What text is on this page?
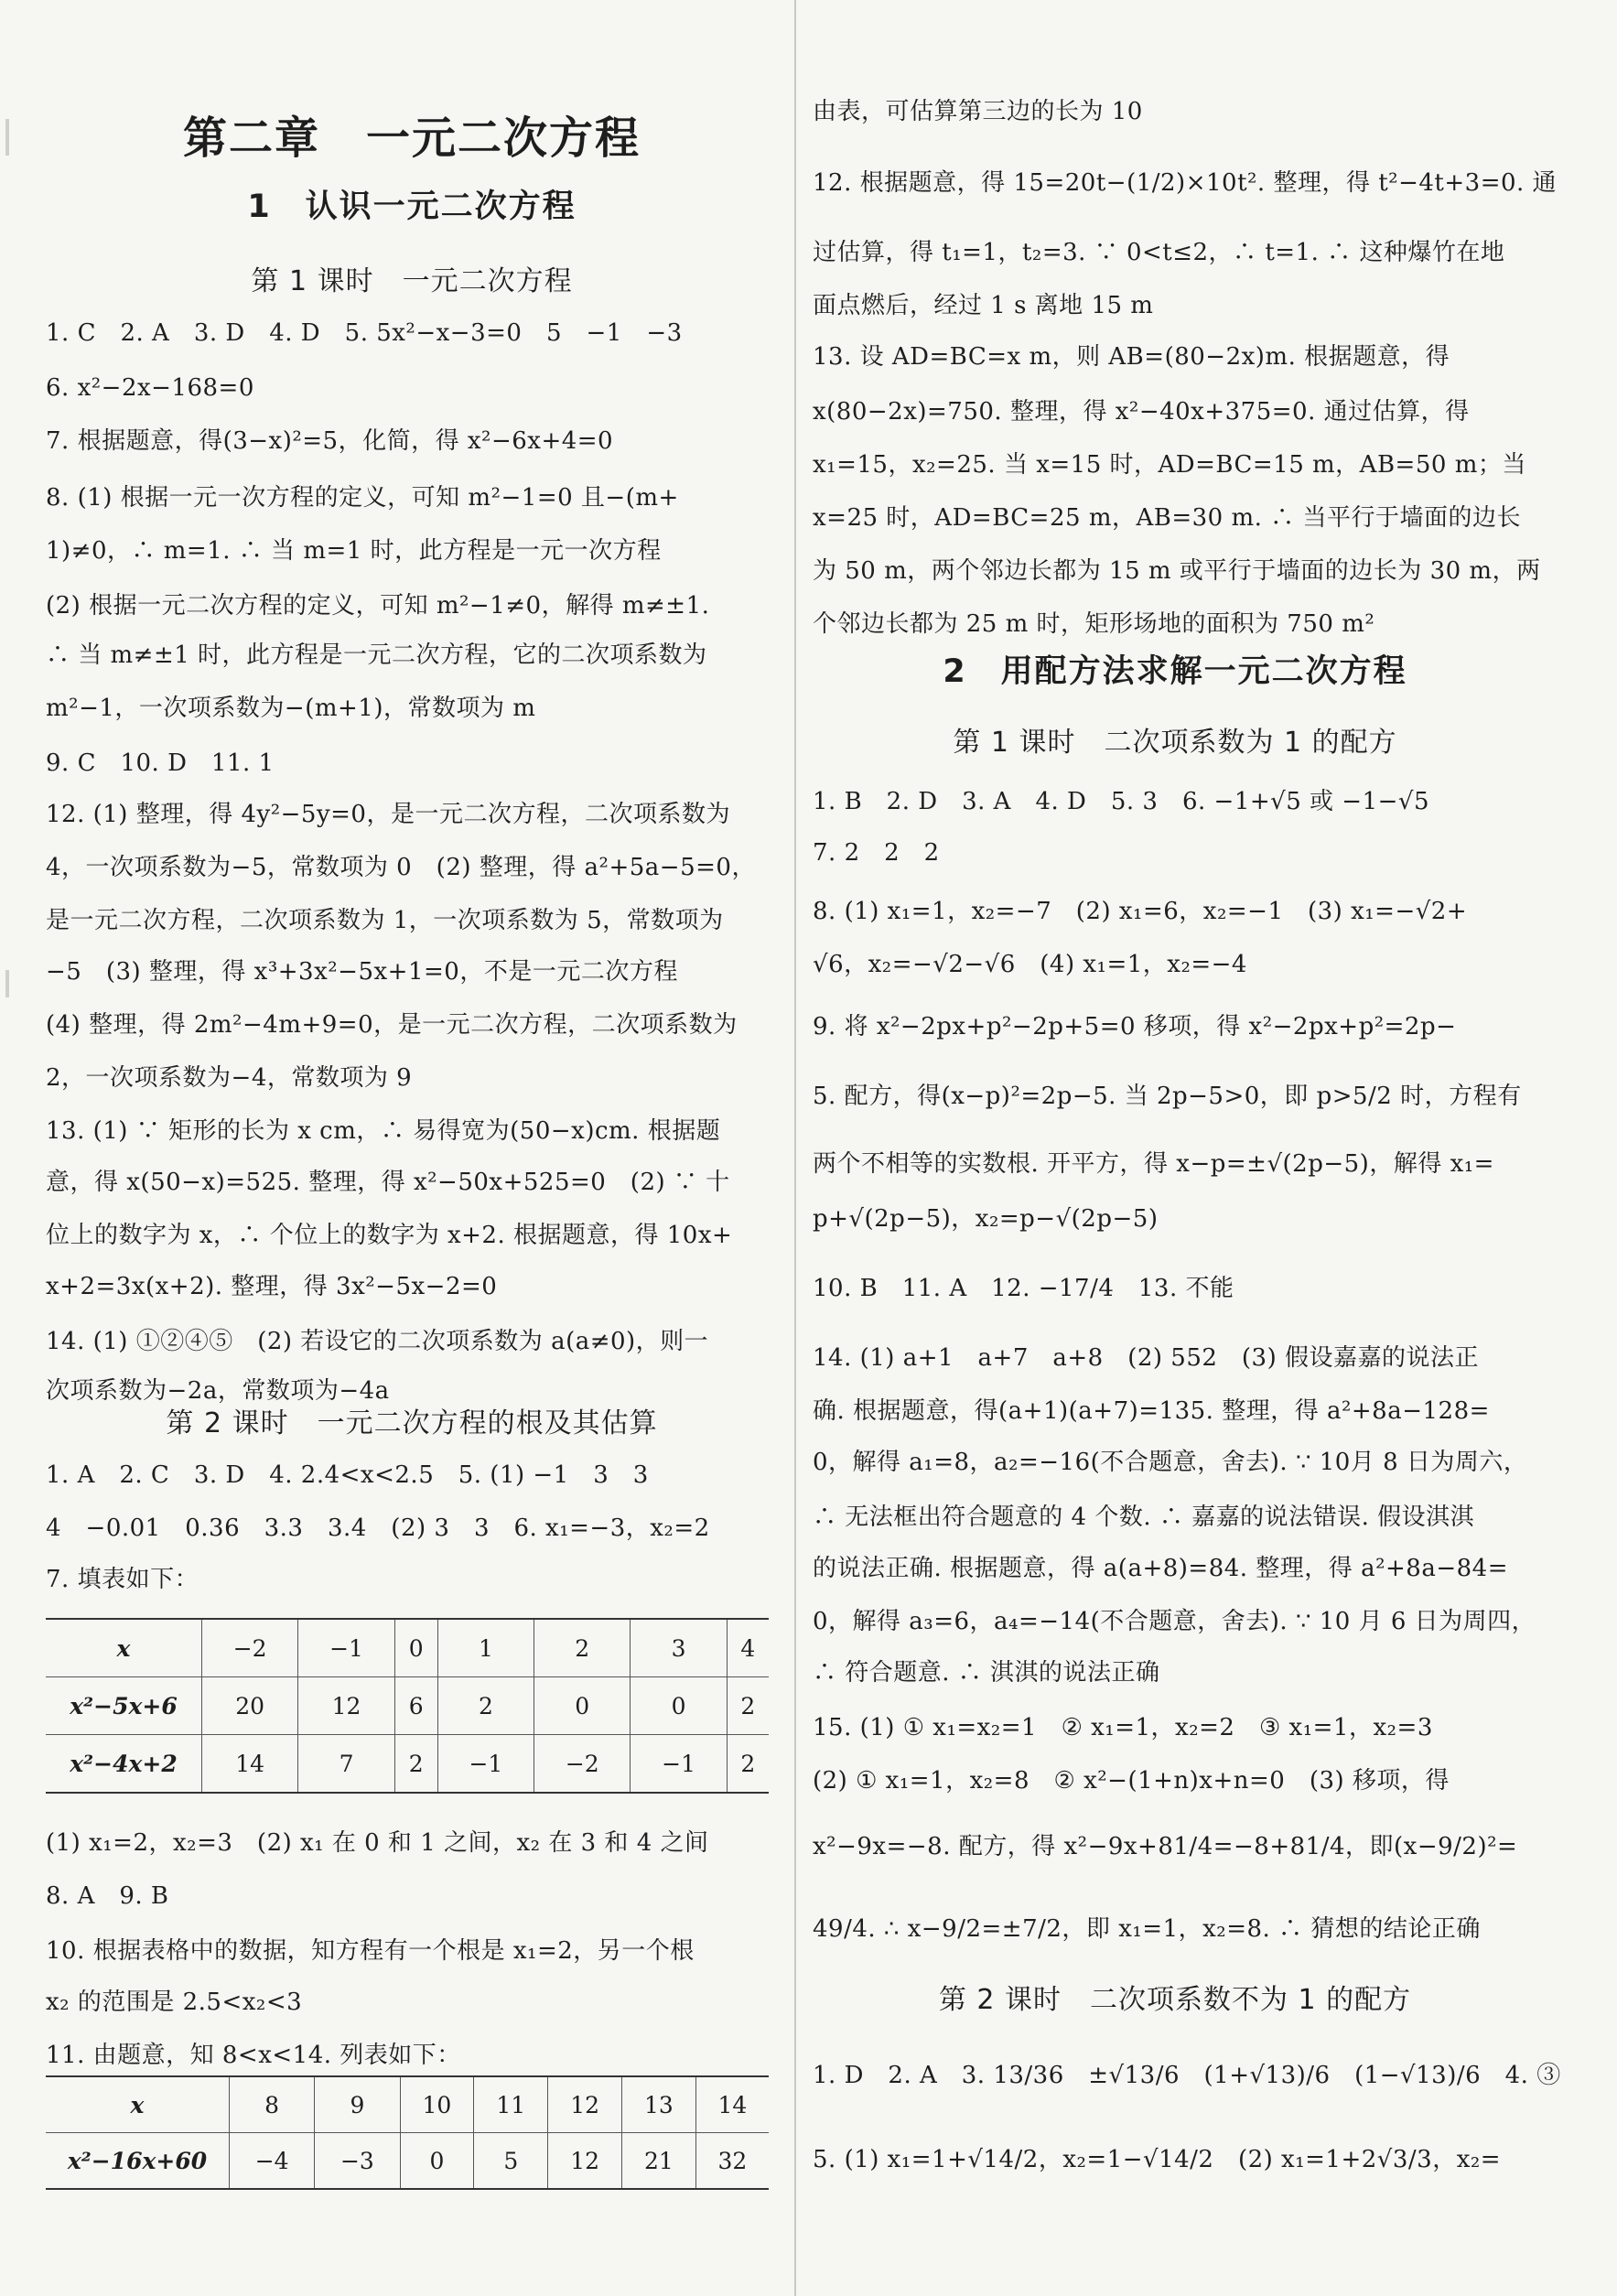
第二章　一元二次方程
1　认识一元二次方程
第 1 课时　一元二次方程
1. C　2. A　3. D　4. D　5. 5x²−x−3=0　5　−1　−3
6. x²−2x−168=0
7. 根据题意，得(3−x)²=5，化简，得 x²−6x+4=0
8. (1) 根据一元一次方程的定义，可知 m²−1=0 且−(m+
1)≠0，∴ m=1. ∴ 当 m=1 时，此方程是一元一次方程
(2) 根据一元二次方程的定义，可知 m²−1≠0，解得 m≠±1.
∴ 当 m≠±1 时，此方程是一元二次方程，它的二次项系数为
m²−1，一次项系数为−(m+1)，常数项为 m
9. C　10. D　11. 1
12. (1) 整理，得 4y²−5y=0，是一元二次方程，二次项系数为
4，一次项系数为−5，常数项为 0　(2) 整理，得 a²+5a−5=0，
是一元二次方程，二次项系数为 1，一次项系数为 5，常数项为
−5　(3) 整理，得 x³+3x²−5x+1=0，不是一元二次方程
(4) 整理，得 2m²−4m+9=0，是一元二次方程，二次项系数为
2，一次项系数为−4，常数项为 9
13. (1) ∵ 矩形的长为 x cm，∴ 易得宽为(50−x)cm. 根据题
意，得 x(50−x)=525. 整理，得 x²−50x+525=0　(2) ∵ 十
位上的数字为 x，∴ 个位上的数字为 x+2. 根据题意，得 10x+
x+2=3x(x+2). 整理，得 3x²−5x−2=0
14. (1) ①②④⑤　(2) 若设它的二次项系数为 a(a≠0)，则一
次项系数为−2a，常数项为−4a
第 2 课时　一元二次方程的根及其估算
1. A　2. C　3. D　4. 2.4<x<2.5　5. (1) −1　3　3
4　−0.01　0.36　3.3　3.4　(2) 3　3　6. x₁=−3，x₂=2
7. 填表如下：
x	−2	−1	0	1	2	3	4
x²−5x+6	20	12	6	2	0	0	2
x²−4x+2	14	7	2	−1	−2	−1	2
(1) x₁=2，x₂=3　(2) x₁ 在 0 和 1 之间，x₂ 在 3 和 4 之间
8. A　9. B
10. 根据表格中的数据，知方程有一个根是 x₁=2，另一个根
x₂ 的范围是 2.5<x₂<3
11. 由题意，知 8<x<14. 列表如下：
x	8	9	10	11	12	13	14
x²−16x+60	−4	−3	0	5	12	21	32
由表，可估算第三边的长为 10
12. 根据题意，得 15=20t−(1/2)×10t². 整理，得 t²−4t+3=0. 通
过估算，得 t₁=1，t₂=3. ∵ 0<t≤2，∴ t=1. ∴ 这种爆竹在地
面点燃后，经过 1 s 离地 15 m
13. 设 AD=BC=x m，则 AB=(80−2x)m. 根据题意，得
x(80−2x)=750. 整理，得 x²−40x+375=0. 通过估算，得
x₁=15，x₂=25. 当 x=15 时，AD=BC=15 m，AB=50 m；当
x=25 时，AD=BC=25 m，AB=30 m. ∴ 当平行于墙面的边长
为 50 m，两个邻边长都为 15 m 或平行于墙面的边长为 30 m，两
个邻边长都为 25 m 时，矩形场地的面积为 750 m²
2　用配方法求解一元二次方程
第 1 课时　二次项系数为 1 的配方
1. B　2. D　3. A　4. D　5. 3　6. −1+√5 或 −1−√5
7. 2　2　2
8. (1) x₁=1，x₂=−7　(2) x₁=6，x₂=−1　(3) x₁=−√2+
√6，x₂=−√2−√6　(4) x₁=1，x₂=−4
9. 将 x²−2px+p²−2p+5=0 移项，得 x²−2px+p²=2p−
5. 配方，得(x−p)²=2p−5. 当 2p−5>0，即 p>5/2 时，方程有
两个不相等的实数根. 开平方，得 x−p=±√(2p−5)，解得 x₁=
p+√(2p−5)，x₂=p−√(2p−5)
10. B　11. A　12. −17/4　13. 不能
14. (1) a+1　a+7　a+8　(2) 552　(3) 假设嘉嘉的说法正
确. 根据题意，得(a+1)(a+7)=135. 整理，得 a²+8a−128=
0，解得 a₁=8，a₂=−16(不合题意，舍去). ∵ 10月 8 日为周六，
∴ 无法框出符合题意的 4 个数. ∴ 嘉嘉的说法错误. 假设淇淇
的说法正确. 根据题意，得 a(a+8)=84. 整理，得 a²+8a−84=
0，解得 a₃=6，a₄=−14(不合题意，舍去). ∵ 10 月 6 日为周四，
∴ 符合题意. ∴ 淇淇的说法正确
15. (1) ① x₁=x₂=1　② x₁=1，x₂=2　③ x₁=1，x₂=3
(2) ① x₁=1，x₂=8　② x²−(1+n)x+n=0　(3) 移项，得
x²−9x=−8. 配方，得 x²−9x+81/4=−8+81/4，即(x−9/2)²=
49/4. ∴ x−9/2=±7/2，即 x₁=1，x₂=8. ∴ 猜想的结论正确
第 2 课时　二次项系数不为 1 的配方
1. D　2. A　3. 13/36　±√13/6　(1+√13)/6　(1−√13)/6　4. ③
5. (1) x₁=1+√14/2，x₂=1−√14/2　(2) x₁=1+2√3/3，x₂=
